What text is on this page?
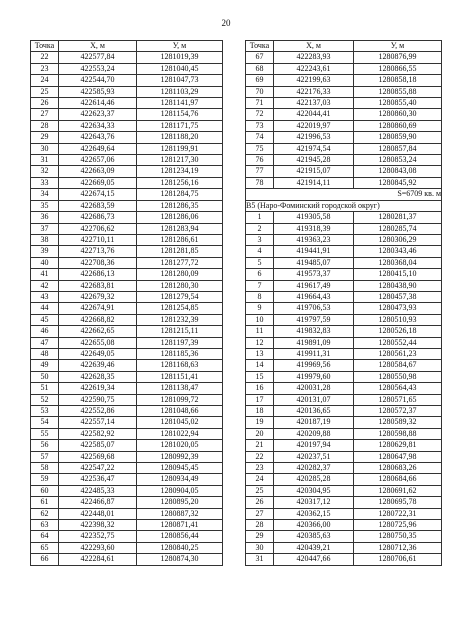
20
Точка	Х, м	У, м
22	422577,84	1281019,39
23	422553,24	1281040,45
24	422544,70	1281047,73
25	422585,93	1281103,29
26	422614,46	1281141,97
27	422623,37	1281154,76
28	422634,33	1281171,75
29	422643,76	1281188,20
30	422649,64	1281199,91
31	422657,06	1281217,30
32	422663,09	1281234,19
33	422669,05	1281256,16
34	422674,15	1281284,75
35	422683,59	1281286,35
36	422686,73	1281286,06
37	422706,62	1281283,94
38	422710,11	1281286,61
39	422713,76	1281281,85
40	422708,36	1281277,72
41	422686,13	1281280,09
42	422683,81	1281280,30
43	422679,32	1281279,54
44	422674,91	1281254,85
45	422668,82	1281232,39
46	422662,65	1281215,11
47	422655,08	1281197,39
48	422649,05	1281185,36
49	422639,46	1281168,63
50	422628,35	1281151,41
51	422619,34	1281138,47
52	422590,75	1281099,72
53	422552,86	1281048,66
54	422557,14	1281045,02
55	422582,92	1281022,94
56	422585,07	1281020,05
57	422569,68	1280992,39
58	422547,22	1280945,45
59	422536,47	1280934,49
60	422485,33	1280904,05
61	422466,87	1280895,20
62	422448,01	1280887,32
63	422398,32	1280871,41
64	422352,75	1280856,44
65	422293,60	1280840,25
66	422284,61	1280874,30
Точка	Х, м	У, м
67	422283,93	1280876,99
68	422243,61	1280866,55
69	422199,63	1280858,18
70	422176,33	1280855,88
71	422137,03	1280855,40
72	422044,41	1280860,30
73	422019,97	1280860,69
74	421996,53	1280859,90
75	421974,54	1280857,84
76	421945,28	1280853,24
77	421915,07	1280843,08
78	421914,11	1280845,92
S=6709 кв. м		
В5 (Наро-Фоминский городской округ)		
1	419305,58	1280281,37
2	419318,39	1280285,74
3	419363,23	1280306,29
4	419441,91	1280343,46
5	419485,07	1280368,04
6	419573,37	1280415,10
7	419617,49	1280438,90
8	419664,43	1280457,38
9	419706,53	1280473,93
10	419797,59	1280510,93
11	419832,83	1280526,18
12	419891,09	1280552,44
13	419911,31	1280561,23
14	419969,56	1280584,67
15	419979,60	1280550,98
16	420031,28	1280564,43
17	420131,07	1280571,65
18	420136,65	1280572,37
19	420187,19	1280589,32
20	420209,88	1280598,88
21	420197,94	1280629,81
22	420237,51	1280647,98
23	420282,37	1280683,26
24	420285,28	1280684,66
25	420304,95	1280691,62
26	420317,12	1280695,78
27	420362,15	1280722,31
28	420366,00	1280725,96
29	420385,63	1280750,35
30	420439,21	1280712,36
31	420447,66	1280706,61
